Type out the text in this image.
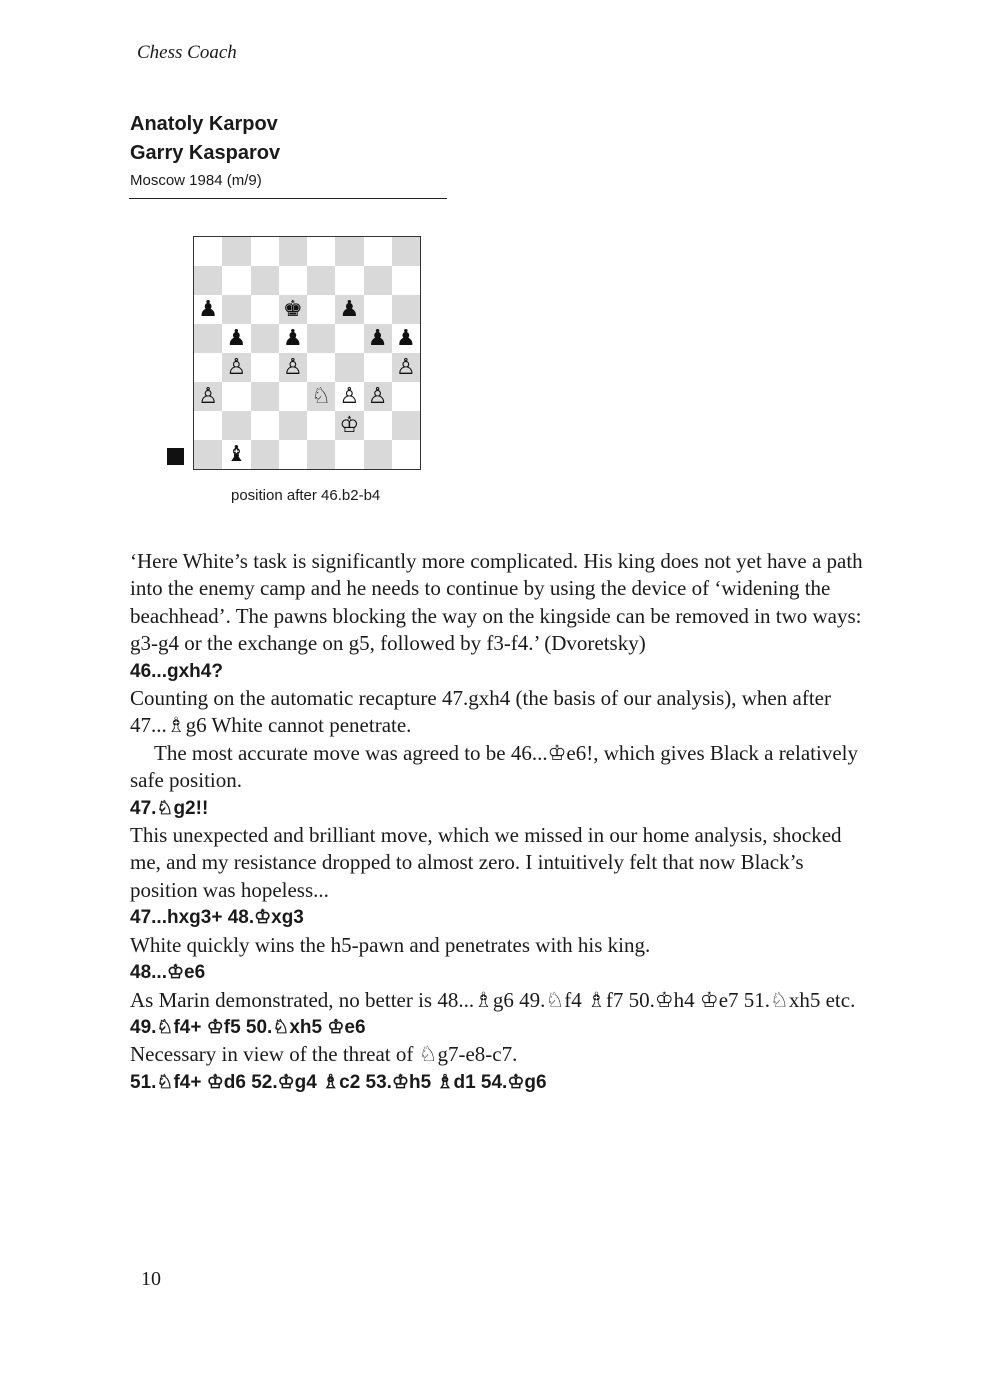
Chess Coach
Anatoly Karpov
Garry Kasparov
Moscow 1984 (m/9)
♟	♚ ♟
♟ ♟	♟ ♟
♙ ♙	♙
♙	♘ ♙ ♙
♔
♝
position after 46.b2-b4

‘Here White’s task is significantly more complicated. His king does not yet have a path into the enemy camp and he needs to continue by using the device of ‘widening the beachhead’. The pawns blocking the way on the kingside can be removed in two ways: g3-g4 or the exchange on g5, followed by f3-f4.’ (Dvoretsky)

46...gxh4?

Counting on the automatic recapture 47.gxh4 (the basis of our analysis), when after 47...♗g6 White cannot penetrate.

The most accurate move was agreed to be 46...♔e6!, which gives Black a relatively safe position.

47.♘g2!!

This unexpected and brilliant move, which we missed in our home analysis, shocked me, and my resistance dropped to almost zero. I intuitively felt that now Black’s position was hopeless...

47...hxg3+ 48.♔xg3

White quickly wins the h5-pawn and penetrates with his king.

48...♔e6

As Marin demonstrated, no better is 48...♗g6 49.♘f4 ♗f7 50.♔h4 ♔e7 51.♘xh5 etc.

49.♘f4+ ♔f5 50.♘xh5 ♔e6

Necessary in view of the threat of ♘g7-e8-c7.

51.♘f4+ ♔d6 52.♔g4 ♗c2 53.♔h5 ♗d1 54.♔g6

10
